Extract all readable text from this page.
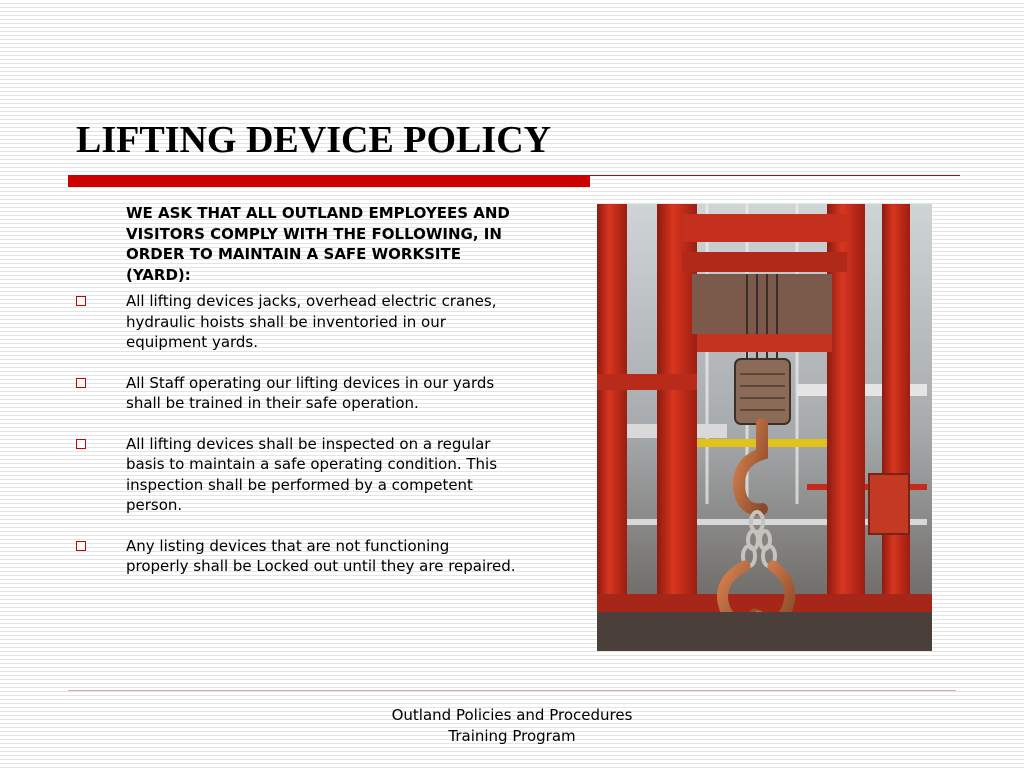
LIFTING DEVICE POLICY

WE ASK THAT ALL OUTLAND EMPLOYEES AND VISITORS COMPLY WITH THE FOLLOWING, IN ORDER TO MAINTAIN A SAFE WORKSITE (YARD):

All lifting devices jacks, overhead electric cranes, hydraulic hoists shall be inventoried in our equipment yards.
All Staff operating our lifting devices in our yards shall be trained in their safe operation.
All lifting devices shall be inspected on a regular basis to maintain a safe operating condition. This inspection shall be performed by a competent person.
Any listing devices that are not functioning properly shall be Locked out until they are repaired.
Outland Policies and Procedures
Training Program
